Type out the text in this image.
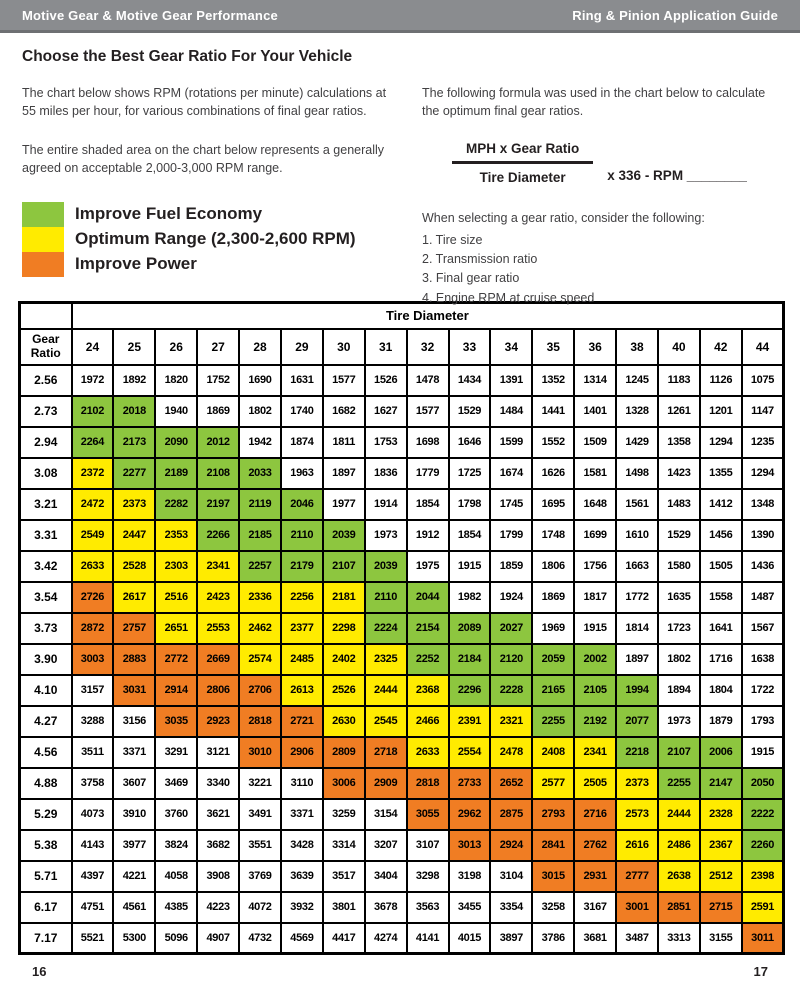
Motive Gear & Motive Gear Performance	Ring & Pinion Application Guide
Choose the Best Gear Ratio For Your Vehicle
The chart below shows RPM (rotations per minute) calculations at 55 miles per hour, for various combinations of final gear ratios.
The entire shaded area on the chart below represents a generally agreed on acceptable 2,000-3,000 RPM range.
Improve Fuel Economy
Optimum Range (2,300-2,600 RPM)
Improve Power
The following formula was used in the chart below to calculate the optimum final gear ratios.
$\frac{\text{MPH x Gear Ratio}}{\text{Tire Diameter}}$ x 336 - RPM ________
When selecting a gear ratio, consider the following:
1. Tire size
2. Transmission ratio
3. Final gear ratio
4. Engine RPM at cruise speed
	Tire Diameter																
Gear Ratio	24	25	26	27	28	29	30	31	32	33	34	35	36	38	40	42	44
2.56	1972	1892	1820	1752	1690	1631	1577	1526	1478	1434	1391	1352	1314	1245	1183	1126	1075
2.73	2102	2018	1940	1869	1802	1740	1682	1627	1577	1529	1484	1441	1401	1328	1261	1201	1147
2.94	2264	2173	2090	2012	1942	1874	1811	1753	1698	1646	1599	1552	1509	1429	1358	1294	1235
3.08	2372	2277	2189	2108	2033	1963	1897	1836	1779	1725	1674	1626	1581	1498	1423	1355	1294
3.21	2472	2373	2282	2197	2119	2046	1977	1914	1854	1798	1745	1695	1648	1561	1483	1412	1348
3.31	2549	2447	2353	2266	2185	2110	2039	1973	1912	1854	1799	1748	1699	1610	1529	1456	1390
3.42	2633	2528	2303	2341	2257	2179	2107	2039	1975	1915	1859	1806	1756	1663	1580	1505	1436
3.54	2726	2617	2516	2423	2336	2256	2181	2110	2044	1982	1924	1869	1817	1772	1635	1558	1487
3.73	2872	2757	2651	2553	2462	2377	2298	2224	2154	2089	2027	1969	1915	1814	1723	1641	1567
3.90	3003	2883	2772	2669	2574	2485	2402	2325	2252	2184	2120	2059	2002	1897	1802	1716	1638
4.10	3157	3031	2914	2806	2706	2613	2526	2444	2368	2296	2228	2165	2105	1994	1894	1804	1722
4.27	3288	3156	3035	2923	2818	2721	2630	2545	2466	2391	2321	2255	2192	2077	1973	1879	1793
4.56	3511	3371	3291	3121	3010	2906	2809	2718	2633	2554	2478	2408	2341	2218	2107	2006	1915
4.88	3758	3607	3469	3340	3221	3110	3006	2909	2818	2733	2652	2577	2505	2373	2255	2147	2050
5.29	4073	3910	3760	3621	3491	3371	3259	3154	3055	2962	2875	2793	2716	2573	2444	2328	2222
5.38	4143	3977	3824	3682	3551	3428	3314	3207	3107	3013	2924	2841	2762	2616	2486	2367	2260
5.71	4397	4221	4058	3908	3769	3639	3517	3404	3298	3198	3104	3015	2931	2777	2638	2512	2398
6.17	4751	4561	4385	4223	4072	3932	3801	3678	3563	3455	3354	3258	3167	3001	2851	2715	2591
7.17	5521	5300	5096	4907	4732	4569	4417	4274	4141	4015	3897	3786	3681	3487	3313	3155	3011
16	17
